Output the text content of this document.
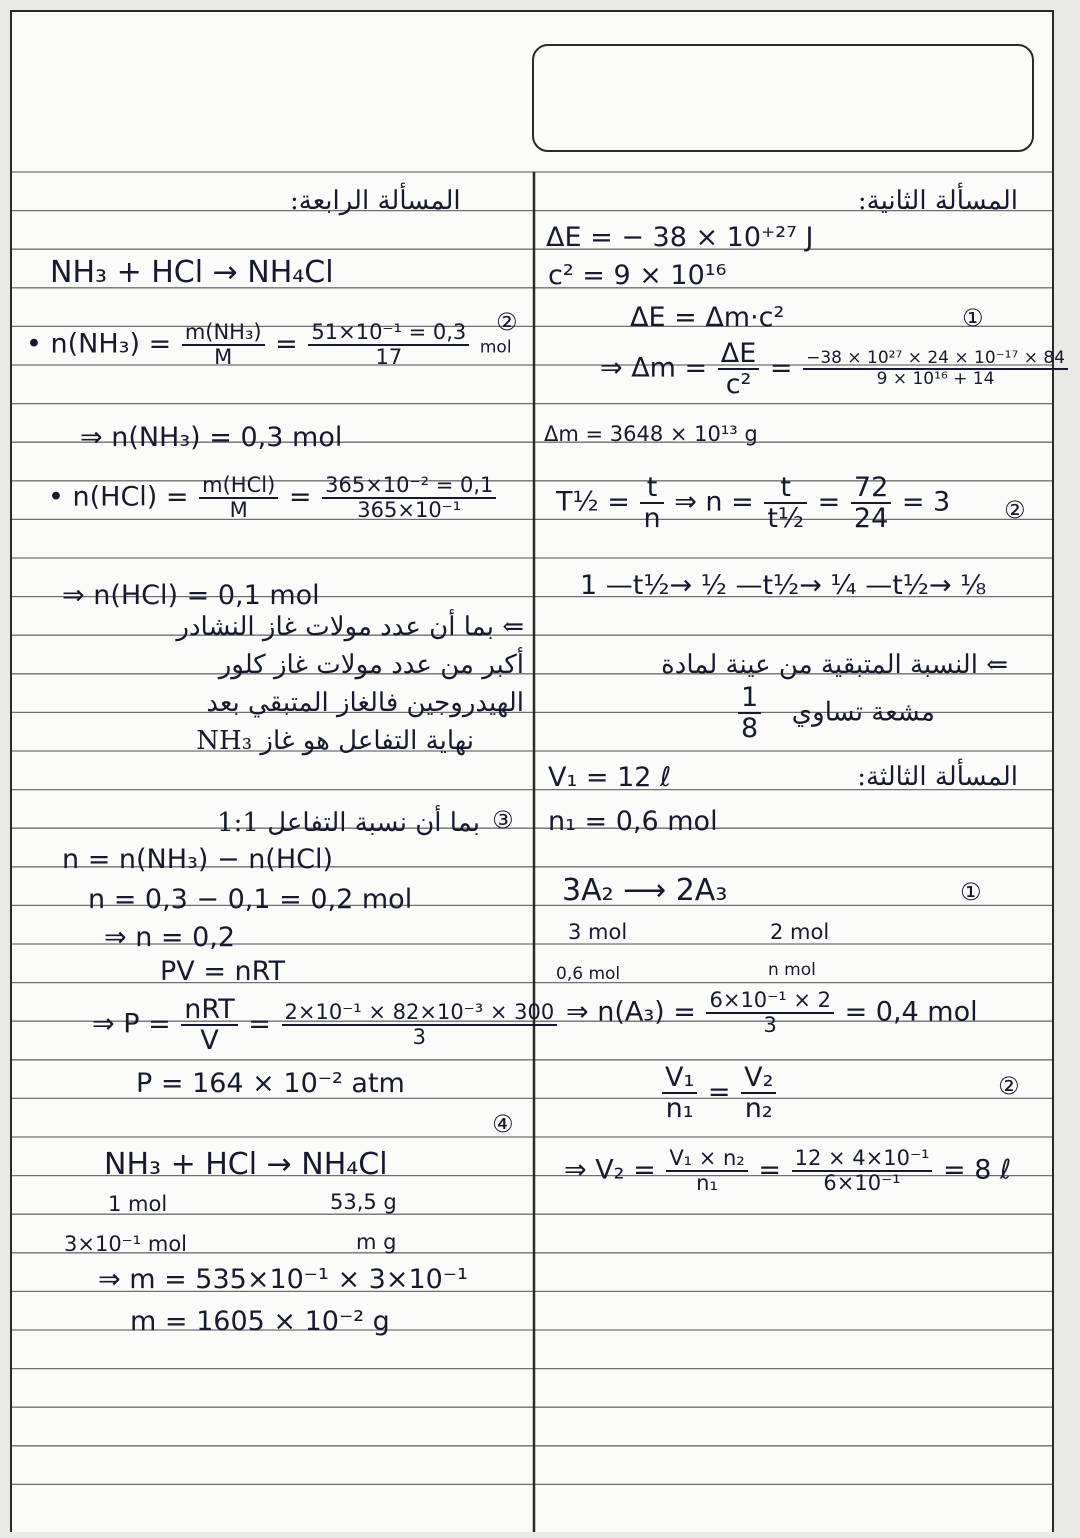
المسألة الرابعة:
NH₃ + HCl → NH₄Cl
• $n(NH_3) = \frac{\text{m(NH₃)}}{M} = \frac{\text{51×10⁻¹ = 0,3}}{17}$ mol
②
⇒ n(NH₃) = 0,3 mol
• $n(HCl) = \frac{\text{m(HCl)}}{M} = \frac{\text{365×10⁻² = 0,1}}{\text{365×10⁻¹}}$
⇒ n(HCl) = 0,1 mol
⇐ بما أن عدد مولات غاز النشادر
أكبر من عدد مولات غاز كلور
الهيدروجين فالغاز المتبقي بعد
نهاية التفاعل هو غاز NH₃
③
بما أن نسبة التفاعل 1:1
n = n(NH₃) − n(HCl)
n = 0,3 − 0,1 = 0,2 mol
⇒ n = 0,2
PV = nRT
⇒ $P = \frac{\text{nRT}}{V} = \frac{\text{2×10⁻¹ × 82×10⁻³ × 300}}{3}$
P = 164 × 10⁻² atm
④
NH₃ + HCl → NH₄Cl
1 mol	53,5 g
3×10⁻¹ mol	m g
⇒ m = 535×10⁻¹ × 3×10⁻¹
m = 1605 × 10⁻² g
المسألة الثانية:
ΔE = − 38 × 10⁺²⁷ J
c² = 9 × 10¹⁶
ΔE = Δm·c²	①
⇒ $\Delta m = \frac{\Delta E}{\text{c²}} = \frac{\text{−38 × 10²⁷ × 24 × 10⁻¹⁷ × 84}}{\text{9 × 10¹⁶ + 14}}$
Δm = 3648 × 10¹³ g
T½ = $\frac{t}{n}$ ⇒ $n = \frac{t}{\text{t½}} = \frac{72}{24} = 3$ ②
1 —t½→ ½ —t½→ ¼ —t½→ ⅛
⇐ النسبة المتبقية من عينة لمادة
$\frac{1}{8}$ مشعة تساوي
المسألة الثالثة:
V₁ = 12 ℓ
n₁ = 0,6 mol
3A₂ ⟶ 2A₃	①
3 mol	2 mol
0,6 mol	n mol
⇒ $n(A_3) = \frac{\text{6×10⁻¹ × 2}}{3} = 0,4$ mol
$\frac{\text{V₁}}{\text{n₁}} = \frac{\text{V₂}}{\text{n₂}}$	②
⇒ $V_2 = \frac{\text{V₁ × n₂}}{\text{n₁}} = \frac{\text{12 × 4×10⁻¹}}{\text{6×10⁻¹}} = 8$ ℓ
